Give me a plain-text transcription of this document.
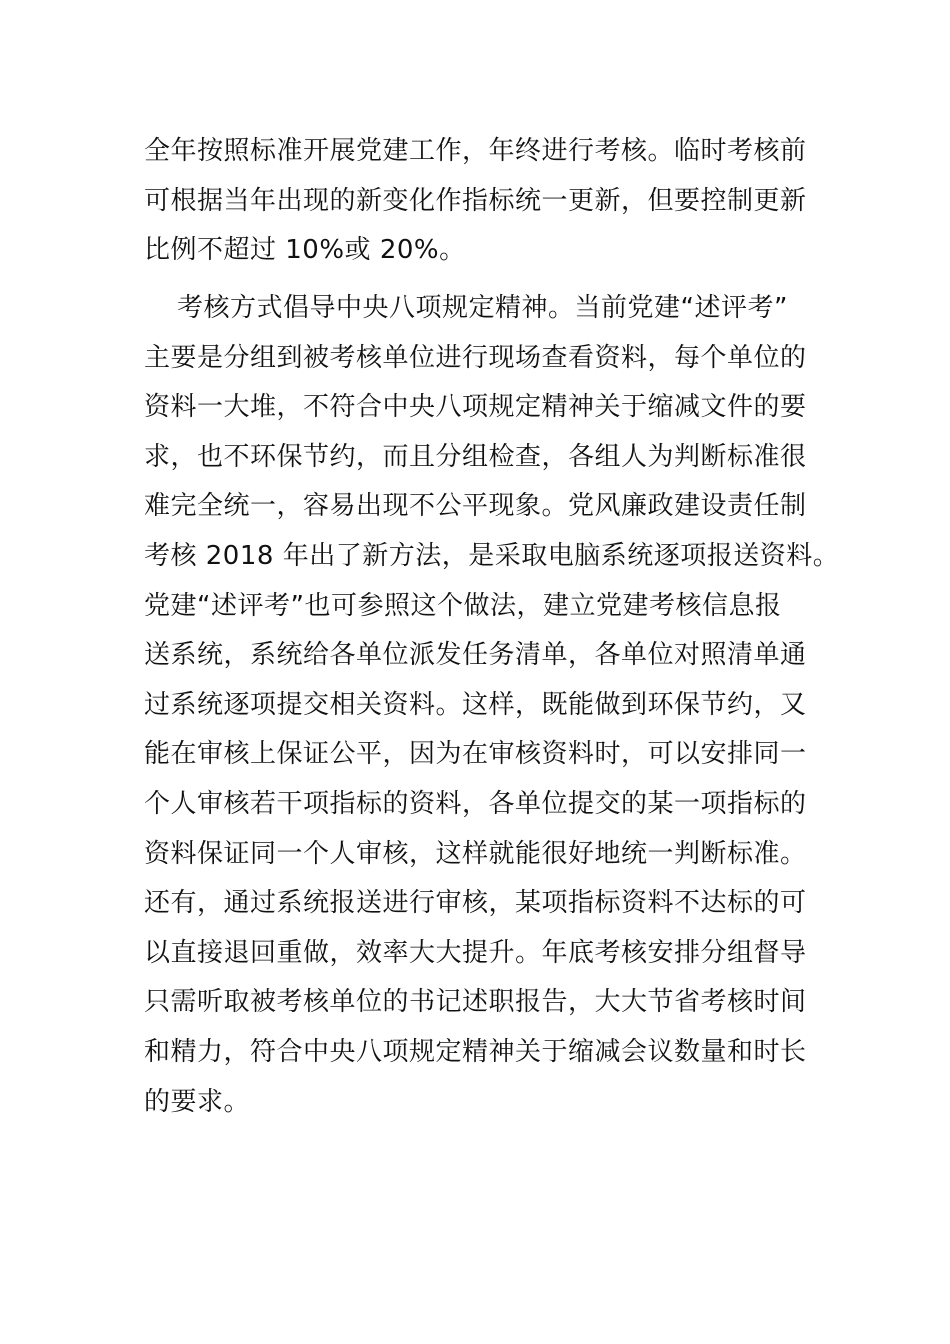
全年按照标准开展党建工作，年终进行考核。临时考核前
可根据当年出现的新变化作指标统一更新，但要控制更新
比例不超过 10%或 20%。
考核方式倡导中央八项规定精神。当前党建“述评考”
主要是分组到被考核单位进行现场查看资料，每个单位的
资料一大堆，不符合中央八项规定精神关于缩减文件的要
求，也不环保节约，而且分组检查，各组人为判断标准很
难完全统一，容易出现不公平现象。党风廉政建设责任制
考核 2018 年出了新方法，是采取电脑系统逐项报送资料。
党建“述评考”也可参照这个做法，建立党建考核信息报
送系统，系统给各单位派发任务清单，各单位对照清单通
过系统逐项提交相关资料。这样，既能做到环保节约，又
能在审核上保证公平，因为在审核资料时，可以安排同一
个人审核若干项指标的资料，各单位提交的某一项指标的
资料保证同一个人审核，这样就能很好地统一判断标准。
还有，通过系统报送进行审核，某项指标资料不达标的可
以直接退回重做，效率大大提升。年底考核安排分组督导
只需听取被考核单位的书记述职报告，大大节省考核时间
和精力，符合中央八项规定精神关于缩减会议数量和时长
的要求。
